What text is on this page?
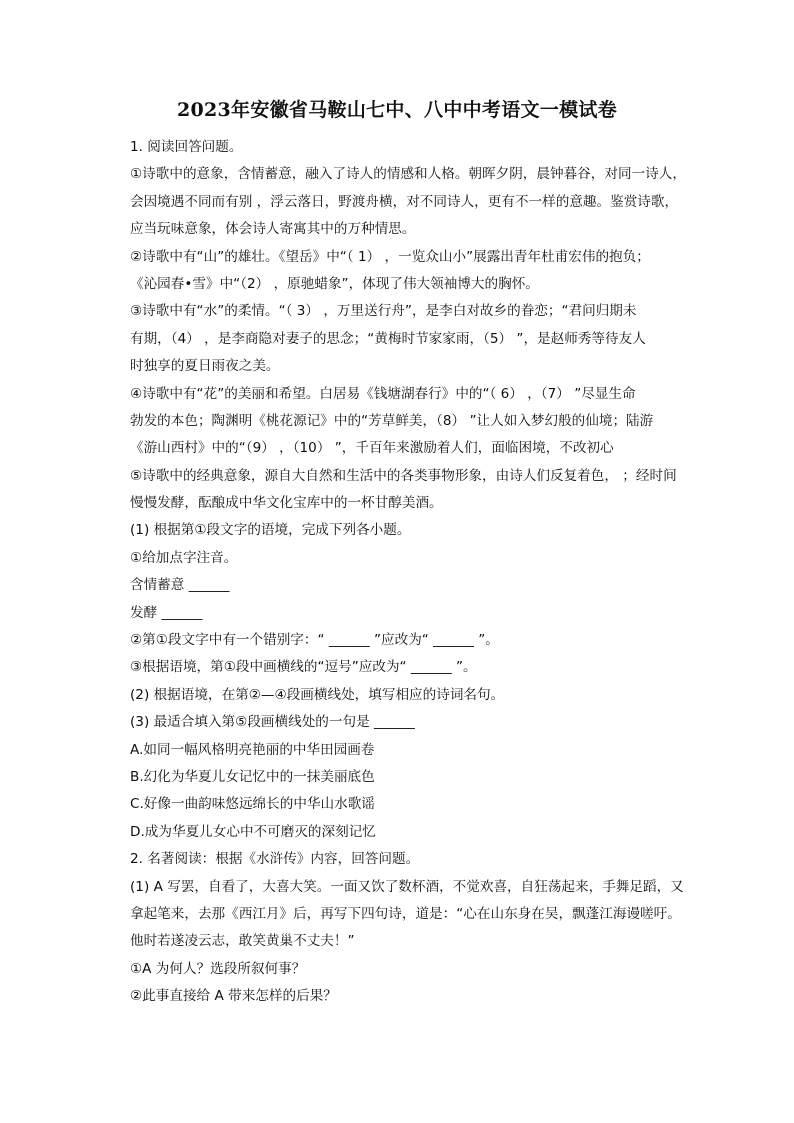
2023年安徽省马鞍山七中、八中中考语文一模试卷
1. 阅读回答问题。
①诗歌中的意象，含情蓄意，融入了诗人的情感和人格。朝晖夕阴，晨钟暮谷，对同一诗人，
会因境遇不同而有别 ，浮云落日，野渡舟横，对不同诗人，更有不一样的意趣。鉴赏诗歌，
应当玩味意象，体会诗人寄寓其中的万种情思。
②诗歌中有“山”的雄壮。《望岳》中“（ 1） ，一览众山小”展露出青年杜甫宏伟的抱负；
《沁园春•雪》中“（2） ，原驰蜡象”，体现了伟大领袖博大的胸怀。
③诗歌中有“水”的柔情。“（ 3） ，万里送行舟”，是李白对故乡的眷恋；“君问归期未
有期，（4） ，是李商隐对妻子的思念；“黄梅时节家家雨，（5） ”，是赵师秀等待友人
时独享的夏日雨夜之美。
④诗歌中有“花”的美丽和希望。白居易《钱塘湖春行》中的“（ 6） ，（7） ”尽显生命
勃发的本色；陶渊明《桃花源记》中的“芳草鲜美，（8） ”让人如入梦幻般的仙境；陆游
《游山西村》中的“（9） ，（10） ”，千百年来激励着人们，面临困境，不改初心
⑤诗歌中的经典意象，源自大自然和生活中的各类事物形象，由诗人们反复着色， ；经时间
慢慢发酵，酝酿成中华文化宝库中的一杯甘醇美酒。
(1) 根据第①段文字的语境，完成下列各小题。
①给加点字注音。
含情蓄意 ______
发酵 ______
②第①段文字中有一个错别字：“ ______ ”应改为“ ______ ”。
③根据语境，第①段中画横线的“逗号”应改为“ ______ ”。
(2) 根据语境，在第②—④段画横线处，填写相应的诗词名句。
(3) 最适合填入第⑤段画横线处的一句是 ______
A.如同一幅风格明亮艳丽的中华田园画卷
B.幻化为华夏儿女记忆中的一抹美丽底色
C.好像一曲韵味悠远绵长的中华山水歌谣
D.成为华夏儿女心中不可磨灭的深刻记忆
2. 名著阅读：根据《水浒传》内容，回答问题。
(1) A 写罢，自看了，大喜大笑。一面又饮了数杯酒，不觉欢喜，自狂荡起来，手舞足蹈，又
拿起笔来，去那《西江月》后，再写下四句诗，道是：“心在山东身在吴，飘蓬江海谩嗟吁。
他时若遂凌云志，敢笑黄巢不丈夫！”
①A 为何人？选段所叙何事？
②此事直接给 A 带来怎样的后果？
